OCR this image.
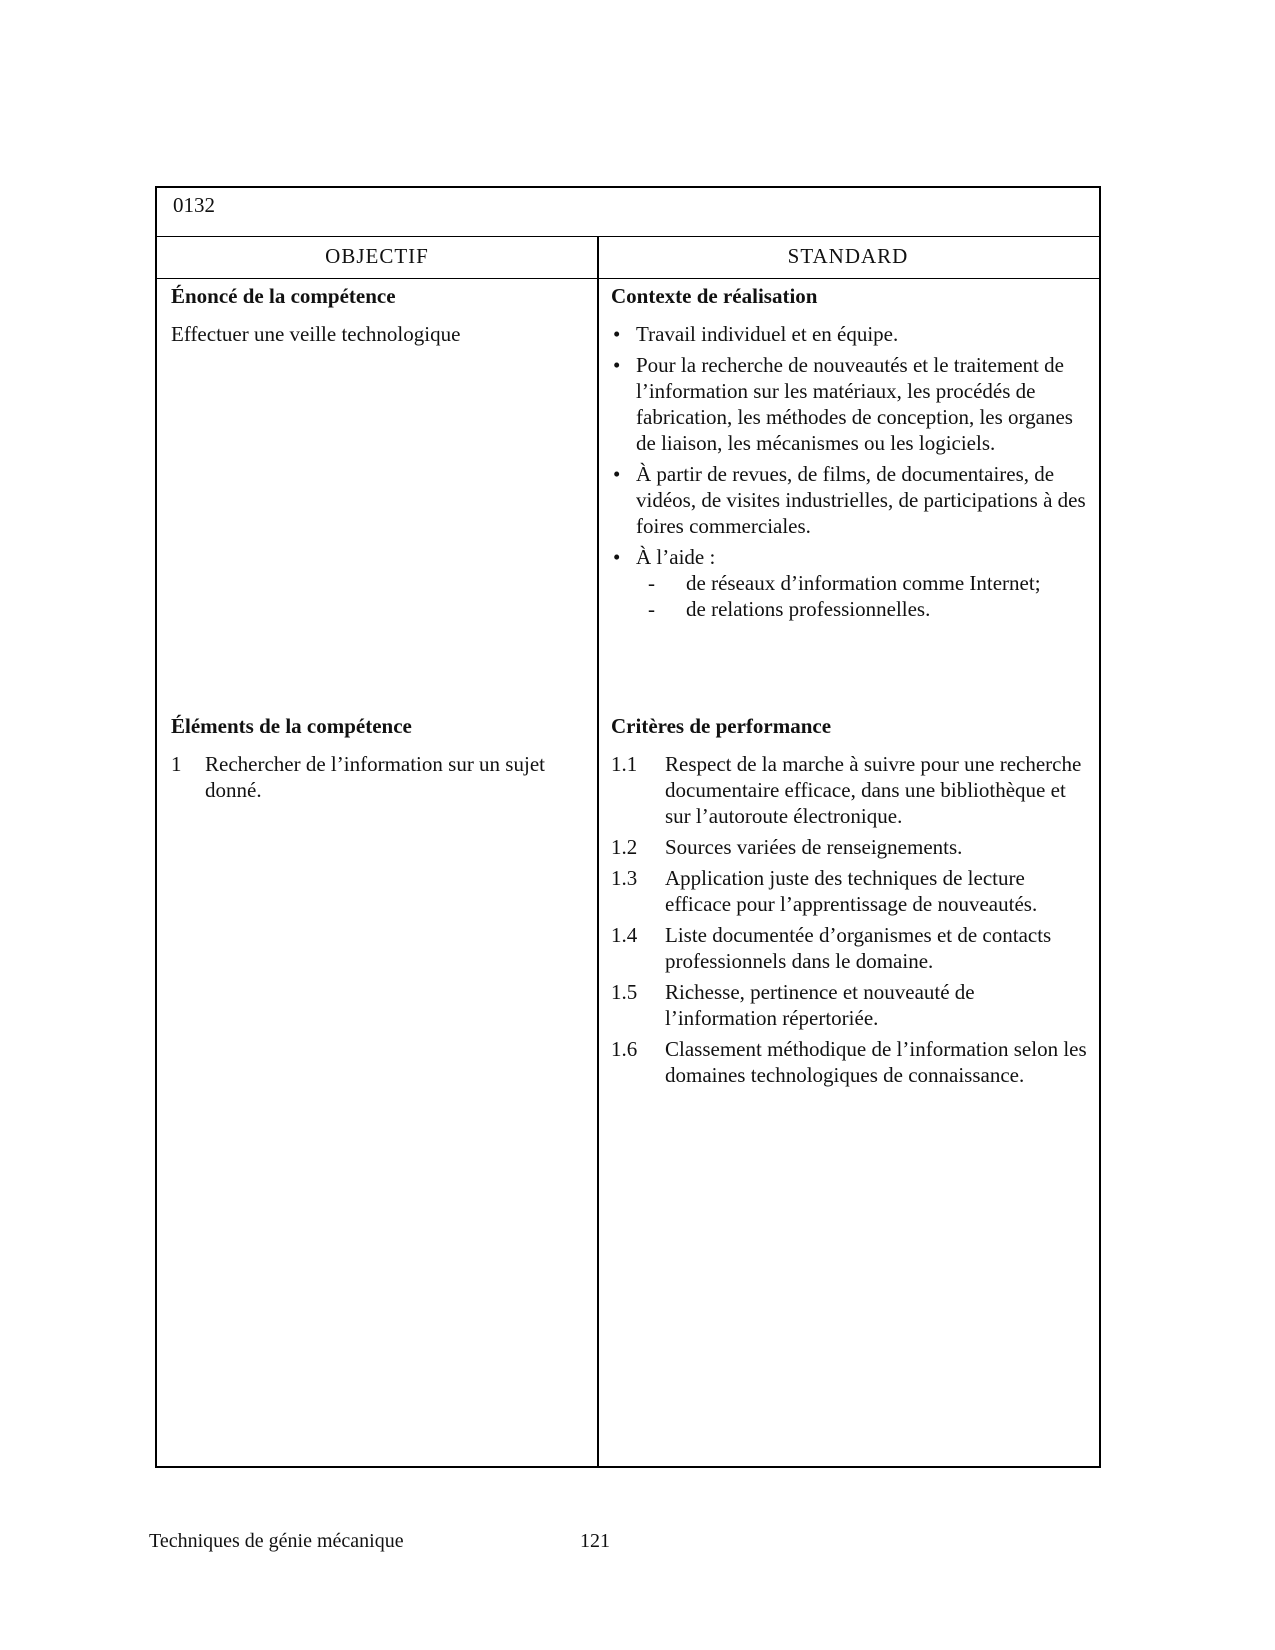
0132
OBJECTIF	STANDARD

Énoncé de la compétence

Effectuer une veille technologique

Contexte de réalisation

• Travail individuel et en équipe.
• Pour la recherche de nouveautés et le traitement de l’information sur les matériaux, les procédés de fabrication, les méthodes de conception, les organes de liaison, les mécanismes ou les logiciels.
• À partir de revues, de films, de documentaires, de vidéos, de visites industrielles, de participations à des foires commerciales.
• À l’aide :
- de réseaux d’information comme Internet;
- de relations professionnelles.

Éléments de la compétence

1 Rechercher de l’information sur un sujet donné.

Critères de performance

1.1 Respect de la marche à suivre pour une recherche documentaire efficace, dans une bibliothèque et sur l’autoroute électronique.
1.2 Sources variées de renseignements.
1.3 Application juste des techniques de lecture efficace pour l’apprentissage de nouveautés.
1.4 Liste documentée d’organismes et de contacts professionnels dans le domaine.
1.5 Richesse, pertinence et nouveauté de l’information répertoriée.
1.6 Classement méthodique de l’information selon les domaines technologiques de connaissance.
Techniques de génie mécanique	121
